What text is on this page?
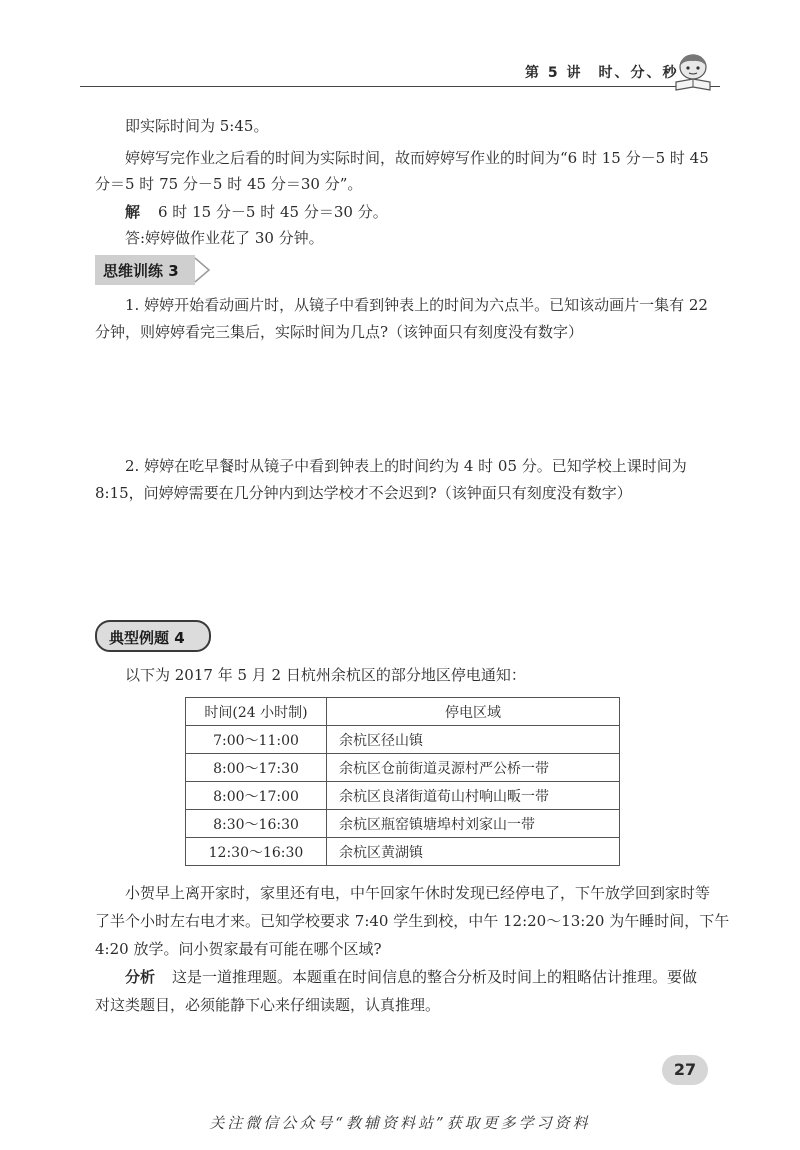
第 5 讲　时、分、秒
即实际时间为 5:45。
婷婷写完作业之后看的时间为实际时间，故而婷婷写作业的时间为“6 时 15 分－5 时 45
分＝5 时 75 分－5 时 45 分＝30 分”。
解 6 时 15 分－5 时 45 分＝30 分。
答:婷婷做作业花了 30 分钟。
思维训练 3
1. 婷婷开始看动画片时，从镜子中看到钟表上的时间为六点半。已知该动画片一集有 22
分钟，则婷婷看完三集后，实际时间为几点?（该钟面只有刻度没有数字）
2. 婷婷在吃早餐时从镜子中看到钟表上的时间约为 4 时 05 分。已知学校上课时间为
8:15，问婷婷需要在几分钟内到达学校才不会迟到?（该钟面只有刻度没有数字）
典型例题 4
以下为 2017 年 5 月 2 日杭州余杭区的部分地区停电通知：
时间(24 小时制)	停电区域
7:00～11:00	余杭区径山镇
8:00～17:30	余杭区仓前街道灵源村严公桥一带
8:00～17:00	余杭区良渚街道荀山村响山畈一带
8:30～16:30	余杭区瓶窑镇塘埠村刘家山一带
12:30～16:30	余杭区黄湖镇
小贺早上离开家时，家里还有电，中午回家午休时发现已经停电了，下午放学回到家时等
了半个小时左右电才来。已知学校要求 7:40 学生到校，中午 12:20～13:20 为午睡时间，下午
4:20 放学。问小贺家最有可能在哪个区域?
分析 这是一道推理题。本题重在时间信息的整合分析及时间上的粗略估计推理。要做
对这类题目，必须能静下心来仔细读题，认真推理。
27
关注微信公众号“教辅资料站”获取更多学习资料
